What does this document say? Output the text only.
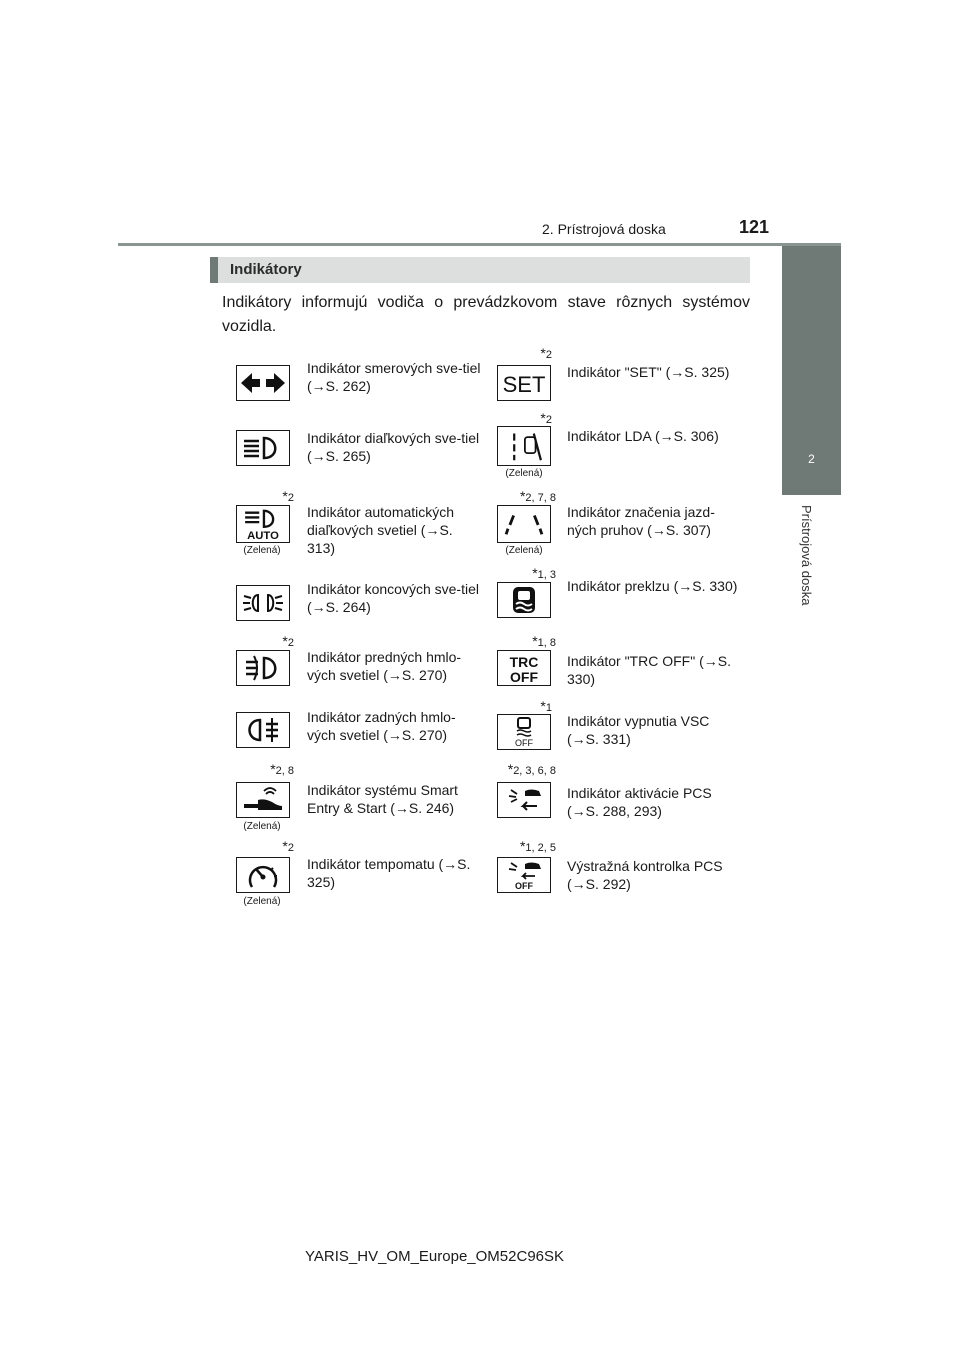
2. Prístrojová doska	121
2
Prístrojová doska
Indikátory
Indikátory informujú vodiča o prevádzkovom stave rôznych systémov vozidla.
Indikátor smerových sve-tiel (→S. 262)
*2
SET Indikátor "SET" (→S. 325)
Indikátor diaľkových sve-tiel (→S. 265)
*2
(Zelená)
Indikátor LDA (→S. 306)
*2
AUTO
(Zelená)
Indikátor automatických diaľkových svetiel (→S. 313)
*2, 7, 8
(Zelená)
Indikátor značenia jazd-ných pruhov (→S. 307)
Indikátor koncových sve-tiel (→S. 264)
*1, 3
Indikátor preklzu (→S. 330)
*2
Indikátor predných hmlo-vých svetiel (→S. 270)
*1, 8
TRC
OFF
Indikátor "TRC OFF" (→S. 330)
Indikátor zadných hmlo-vých svetiel (→S. 270)
*1
OFF
Indikátor vypnutia VSC (→S. 331)
*2, 8
(Zelená)
Indikátor systému Smart Entry & Start (→S. 246)
*2, 3, 6, 8
Indikátor aktivácie PCS (→S. 288, 293)
*2
(Zelená)
Indikátor tempomatu (→S. 325)
*1, 2, 5
OFF
Výstražná kontrolka PCS (→S. 292)
YARIS_HV_OM_Europe_OM52C96SK
